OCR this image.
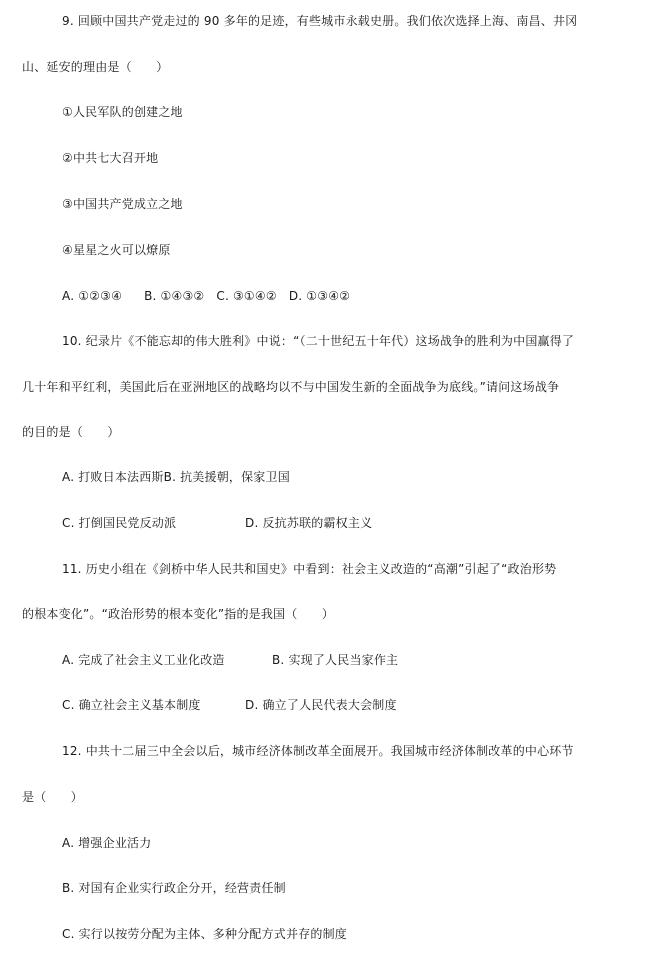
9. 回顾中国共产党走过的 90 多年的足迹，有些城市永载史册。我们依次选择上海、南昌、井冈
山、延安的理由是（　　）
①人民军队的创建之地
②中共七大召开地
③中国共产党成立之地
④星星之火可以燎原
A. ①②③④ B. ①④③② C. ③①④② D. ①③④②
10. 纪录片《不能忘却的伟大胜利》中说：“（二十世纪五十年代）这场战争的胜利为中国赢得了
几十年和平红利，美国此后在亚洲地区的战略均以不与中国发生新的全面战争为底线。”请问这场战争
的目的是（　　）
A. 打败日本法西斯B. 抗美援朝，保家卫国
C. 打倒国民党反动派	D. 反抗苏联的霸权主义
11. 历史小组在《剑桥中华人民共和国史》中看到：社会主义改造的“高潮”引起了“政治形势
的根本变化”。“政治形势的根本变化”指的是我国（　　）
A. 完成了社会主义工业化改造	B. 实现了人民当家作主
C. 确立社会主义基本制度	D. 确立了人民代表大会制度
12. 中共十二届三中全会以后，城市经济体制改革全面展开。我国城市经济体制改革的中心环节
是（　　）
A. 增强企业活力
B. 对国有企业实行政企分开，经营责任制
C. 实行以按劳分配为主体、多种分配方式并存的制度
